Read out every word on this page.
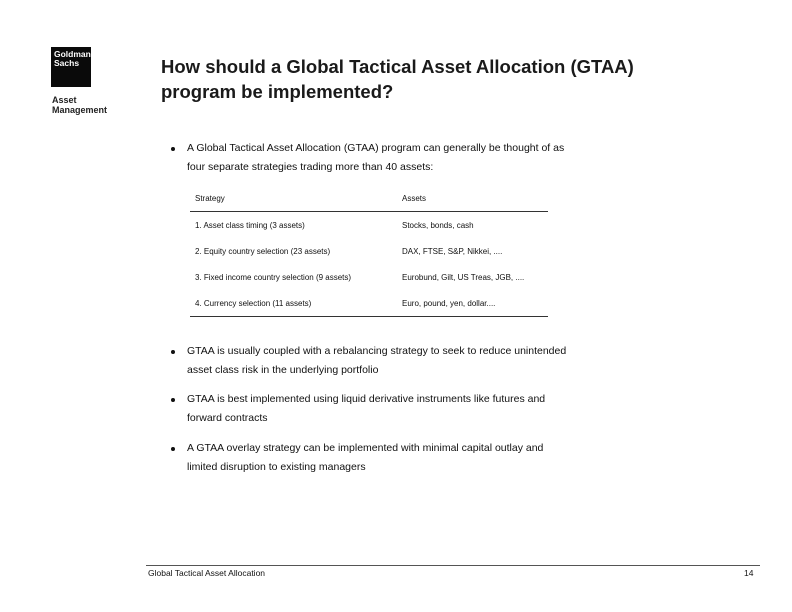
Goldman
Sachs
Asset
Management
How should a Global Tactical Asset Allocation (GTAA)
program be implemented?
A Global Tactical Asset Allocation (GTAA) program can generally be thought of as
four separate strategies trading more than 40 assets:
Strategy	Assets
1. Asset class timing (3 assets)	Stocks, bonds, cash
2. Equity country selection (23 assets)	DAX, FTSE, S&P, Nikkei, ....
3. Fixed income country selection (9 assets)	Eurobund, Gilt, US Treas, JGB, ....
4. Currency selection (11 assets)	Euro, pound, yen, dollar....
GTAA is usually coupled with a rebalancing strategy to seek to reduce unintended
asset class risk in the underlying portfolio
GTAA is best implemented using liquid derivative instruments like futures and
forward contracts
A GTAA overlay strategy can be implemented with minimal capital outlay and
limited disruption to existing managers
Global Tactical Asset Allocation	14
